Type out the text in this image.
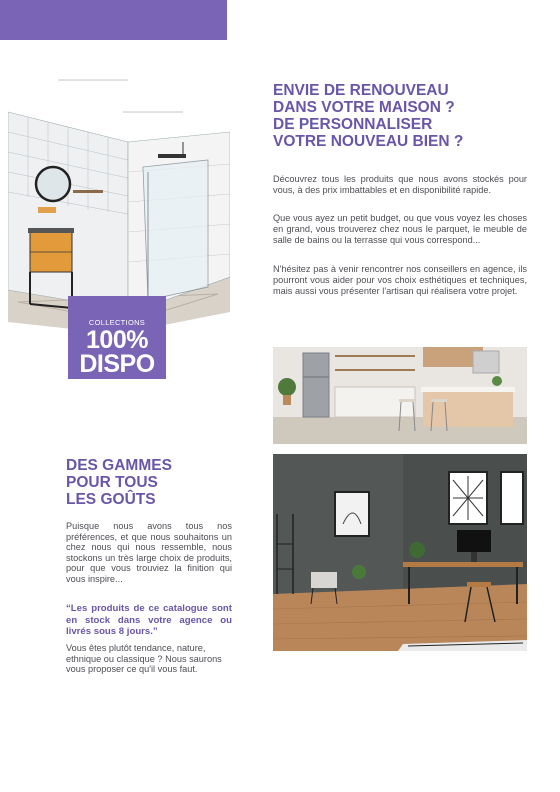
COLLECTIONS
100%
DISPO
ENVIE DE RENOUVEAU
DANS VOTRE MAISON ?
DE PERSONNALISER
VOTRE NOUVEAU BIEN ?

Découvrez tous les produits que nous avons stockés pour vous, à des prix imbattables et en disponibilité rapide.

Que vous ayez un petit budget, ou que vous voyez les choses en grand, vous trouverez chez nous le parquet, le meuble de salle de bains ou la terrasse qui vous correspond...

N'hésitez pas à venir rencontrer nos conseillers en agence, ils pourront vous aider pour vos choix esthétiques et techniques, mais aussi vous présenter l'artisan qui réalisera votre projet.

DES GAMMES
POUR TOUS
LES GOÛTS

Puisque nous avons tous nos préférences, et que nous souhaitons un chez nous qui nous ressemble, nous stockons un très large choix de produits, pour que vous trouviez la finition qui vous inspire...

“Les produits de ce catalogue sont en stock dans votre agence ou livrés sous 8 jours.”

Vous êtes plutôt tendance, nature, ethnique ou classique ? Nous saurons vous proposer ce qu'il vous faut.
